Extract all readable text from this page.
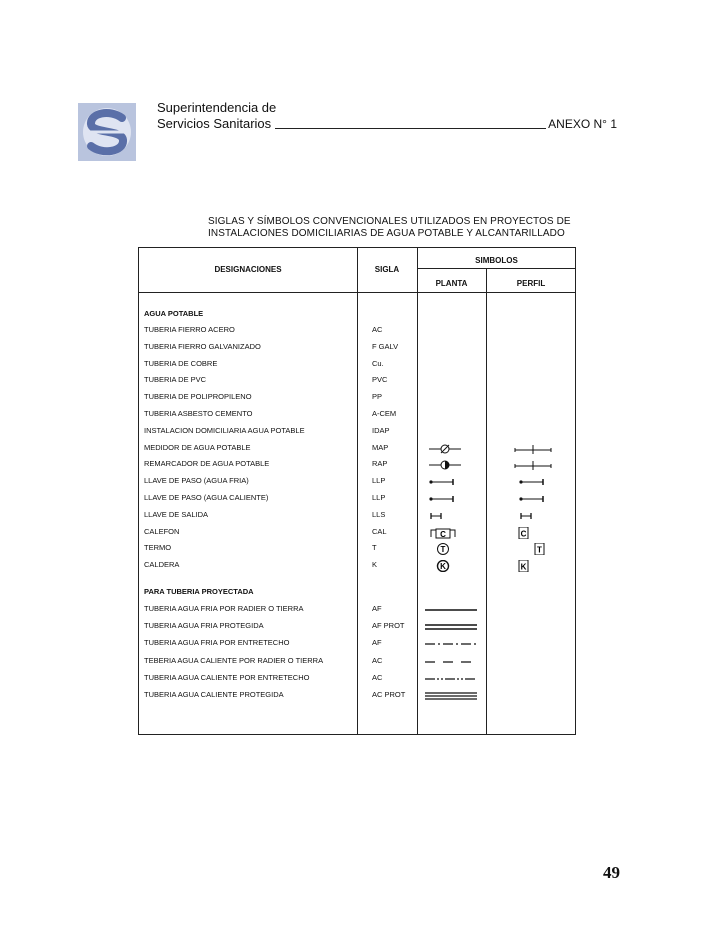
Superintendencia de
Servicios Sanitarios	ANEXO N° 1
SIGLAS Y SÍMBOLOS CONVENCIONALES UTILIZADOS EN PROYECTOS DE
INSTALACIONES DOMICILIARIAS DE AGUA POTABLE Y ALCANTARILLADO
DESIGNACIONES	SIGLA
SIMBOLOS
PLANTA	PERFIL
AGUA POTABLE
TUBERIA FIERRO ACERO	AC
TUBERIA FIERRO GALVANIZADO	F GALV
TUBERIA DE COBRE	Cu.
TUBERIA DE PVC	PVC
TUBERIA DE POLIPROPILENO	PP
TUBERIA ASBESTO CEMENTO	A-CEM
INSTALACION DOMICILIARIA AGUA POTABLE	IDAP
MEDIDOR DE AGUA POTABLE	MAP
REMARCADOR DE AGUA POTABLE	RAP
LLAVE DE PASO (AGUA FRIA)	LLP
LLAVE DE PASO (AGUA CALIENTE)	LLP
LLAVE DE SALIDA	LLS
CALEFON	CAL	C	C
TERMO	T	T	T
CALDERA	K	K	K
PARA TUBERIA PROYECTADA
TUBERIA AGUA FRIA POR RADIER O TIERRA	AF
TUBERIA AGUA FRIA PROTEGIDA	AF PROT
TUBERIA AGUA FRIA POR ENTRETECHO	AF
TEBERIA AGUA CALIENTE POR RADIER O TIERRA	AC
TUBERIA AGUA CALIENTE POR ENTRETECHO	AC
TUBERIA AGUA CALIENTE PROTEGIDA	AC PROT
49
